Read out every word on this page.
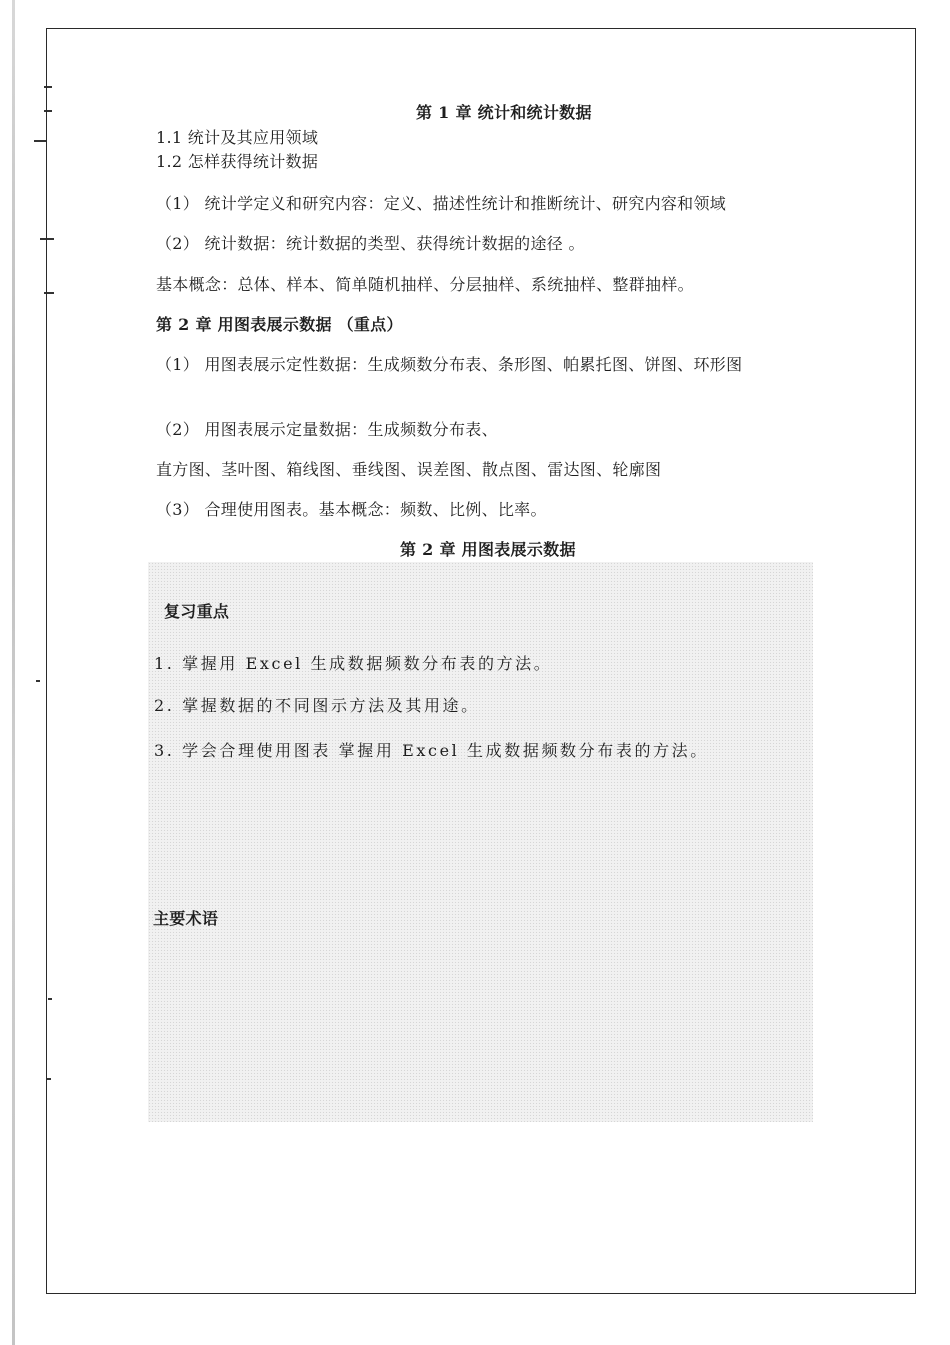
第 1 章 统计和统计数据
1.1 统计及其应用领域
1.2 怎样获得统计数据
（1） 统计学定义和研究内容：定义、描述性统计和推断统计、研究内容和领域
（2） 统计数据：统计数据的类型、获得统计数据的途径 。
基本概念：总体、样本、简单随机抽样、分层抽样、系统抽样、整群抽样。
第 2 章 用图表展示数据 （重点）
（1） 用图表展示定性数据：生成频数分布表、条形图、帕累托图、饼图、环形图
（2） 用图表展示定量数据：生成频数分布表、
直方图、茎叶图、箱线图、垂线图、误差图、散点图、雷达图、轮廓图
（3） 合理使用图表。基本概念：频数、比例、比率。
第 2 章 用图表展示数据
复习重点
1. 掌握用 Excel 生成数据频数分布表的方法。
2. 掌握数据的不同图示方法及其用途。
3. 学会合理使用图表 掌握用 Excel 生成数据频数分布表的方法。
主要术语
